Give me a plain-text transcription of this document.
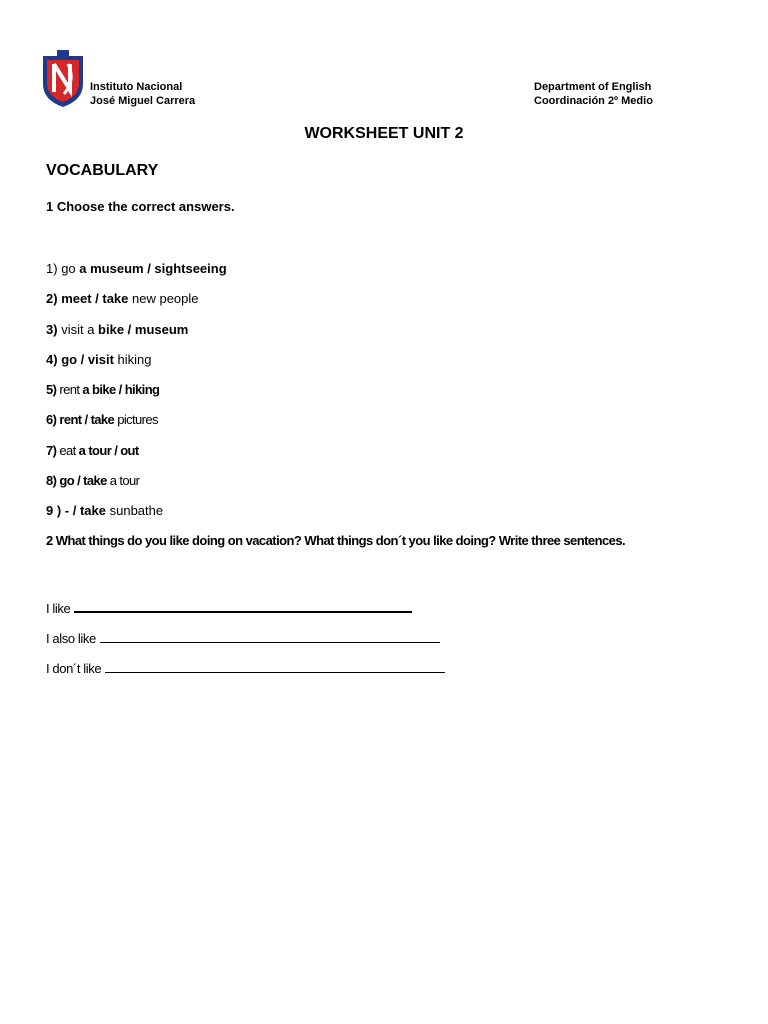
Instituto Nacional
José Miguel Carrera
Department of English
Coordinación 2º Medio
WORKSHEET UNIT 2
VOCABULARY
1 Choose the correct answers.
1) go a museum / sightseeing
2) meet / take new people
3) visit a bike / museum
4) go / visit hiking
5) rent a bike / hiking
6) rent / take pictures
7) eat a tour / out
8) go / take a tour
9 ) - / take sunbathe
2 What things do you like doing on vacation? What things don´t you like doing? Write three sentences.
I like
I also like
I don´t like
